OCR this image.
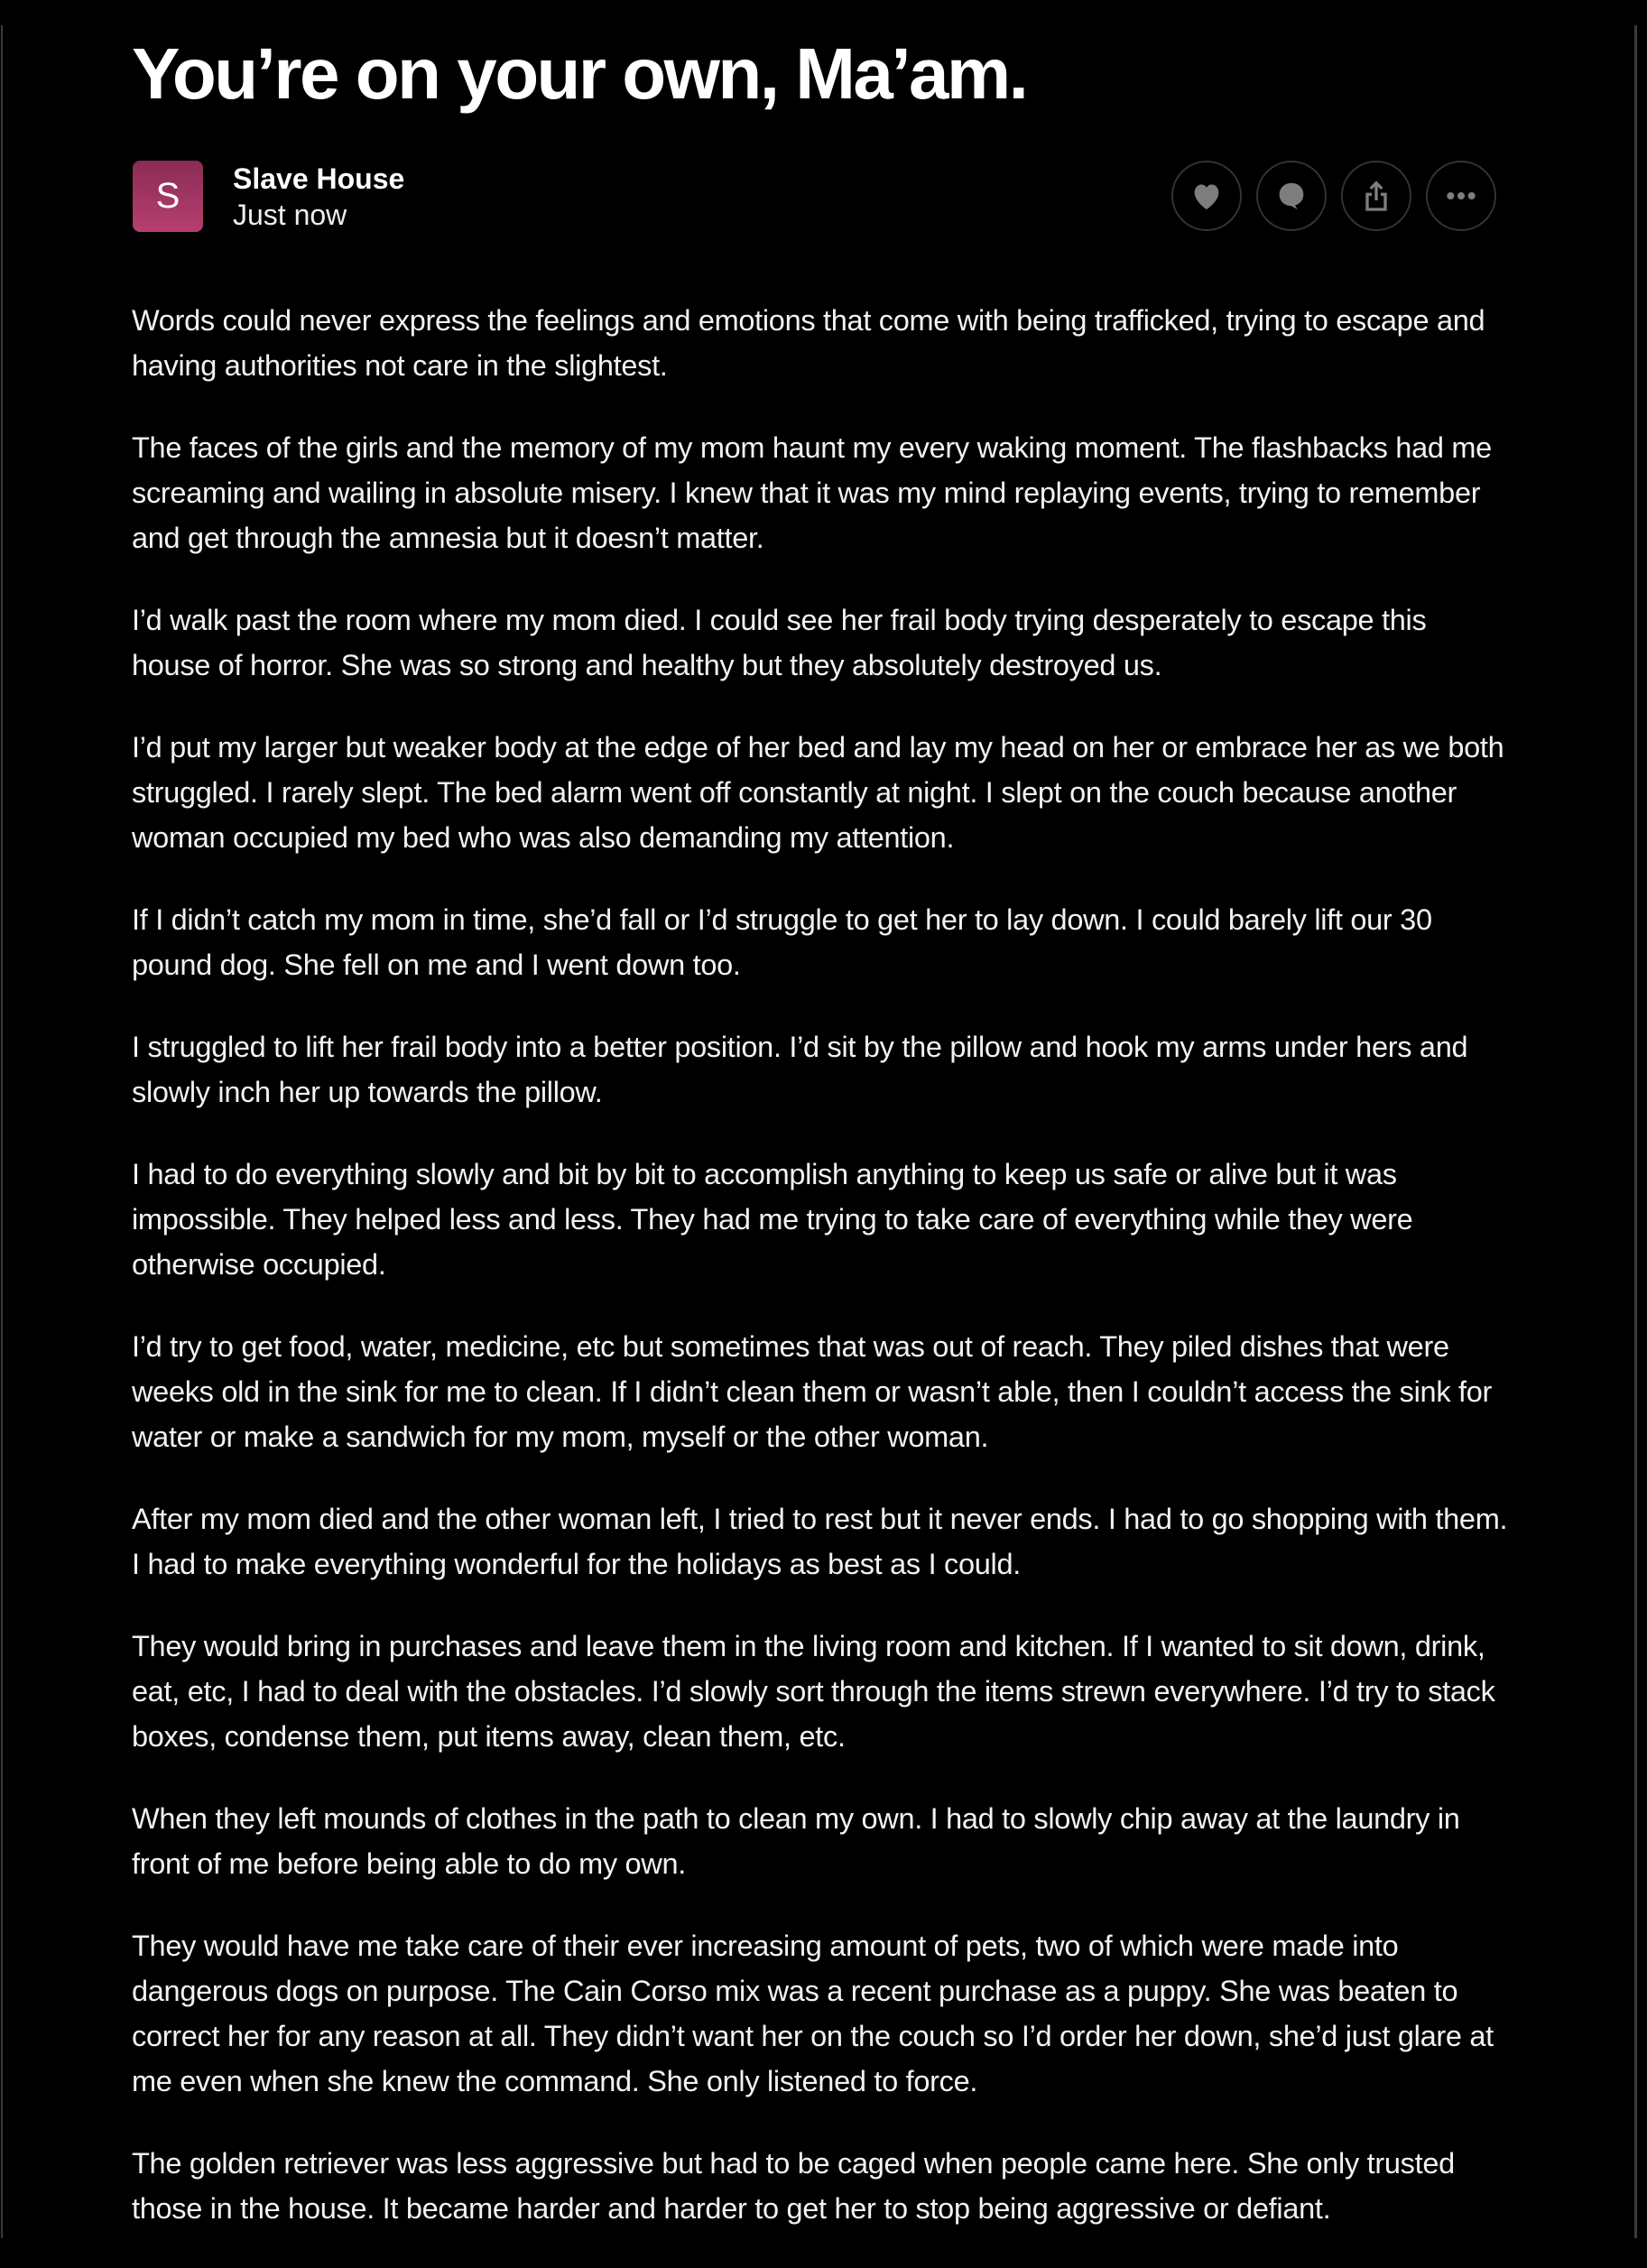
You’re on your own, Ma’am.
S Slave House
Just now

Words could never express the feelings and emotions that come with being trafficked, trying to escape and having authorities not care in the slightest.

The faces of the girls and the memory of my mom haunt my every waking moment. The flashbacks had me screaming and wailing in absolute misery. I knew that it was my mind replaying events, trying to remember and get through the amnesia but it doesn’t matter.

I’d walk past the room where my mom died. I could see her frail body trying desperately to escape this house of horror. She was so strong and healthy but they absolutely destroyed us.

I’d put my larger but weaker body at the edge of her bed and lay my head on her or embrace her as we both struggled. I rarely slept. The bed alarm went off constantly at night. I slept on the couch because another woman occupied my bed who was also demanding my attention.

If I didn’t catch my mom in time, she’d fall or I’d struggle to get her to lay down. I could barely lift our 30 pound dog. She fell on me and I went down too.

I struggled to lift her frail body into a better position. I’d sit by the pillow and hook my arms under hers and slowly inch her up towards the pillow.

I had to do everything slowly and bit by bit to accomplish anything to keep us safe or alive but it was impossible. They helped less and less. They had me trying to take care of everything while they were otherwise occupied.

I’d try to get food, water, medicine, etc but sometimes that was out of reach. They piled dishes that were weeks old in the sink for me to clean. If I didn’t clean them or wasn’t able, then I couldn’t access the sink for water or make a sandwich for my mom, myself or the other woman.

After my mom died and the other woman left, I tried to rest but it never ends. I had to go shopping with them. I had to make everything wonderful for the holidays as best as I could.

They would bring in purchases and leave them in the living room and kitchen. If I wanted to sit down, drink, eat, etc, I had to deal with the obstacles. I’d slowly sort through the items strewn everywhere. I’d try to stack boxes, condense them, put items away, clean them, etc.

When they left mounds of clothes in the path to clean my own. I had to slowly chip away at the laundry in front of me before being able to do my own.

They would have me take care of their ever increasing amount of pets, two of which were made into dangerous dogs on purpose. The Cain Corso mix was a recent purchase as a puppy. She was beaten to correct her for any reason at all. They didn’t want her on the couch so I’d order her down, she’d just glare at me even when she knew the command. She only listened to force.

The golden retriever was less aggressive but had to be caged when people came here. She only trusted those in the house. It became harder and harder to get her to stop being aggressive or defiant.
